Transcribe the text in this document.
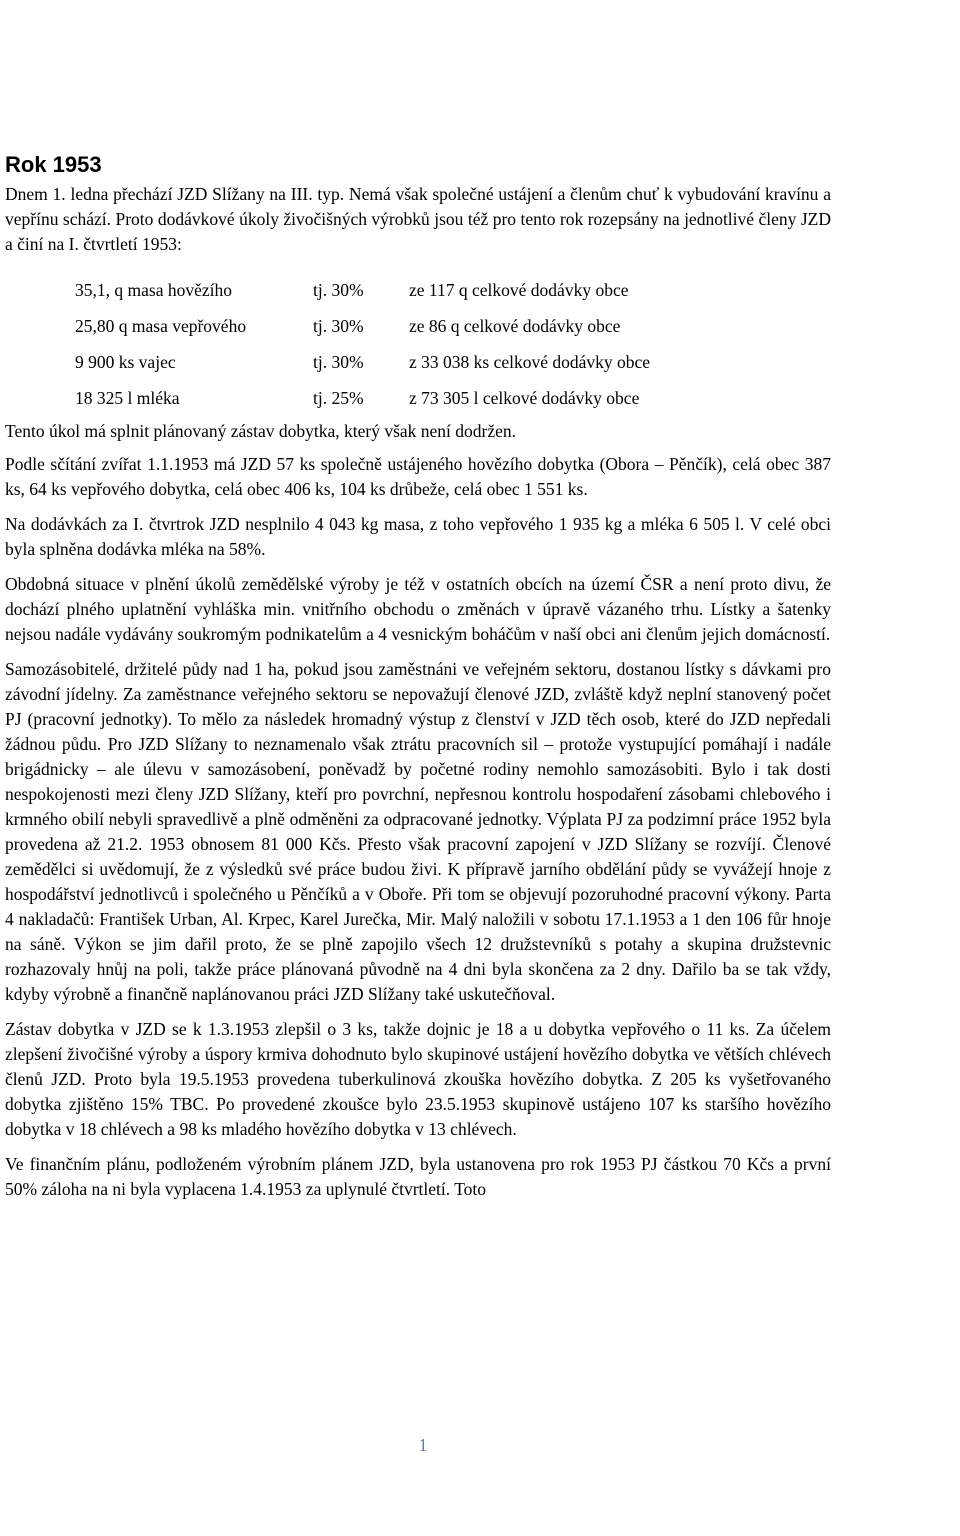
Rok 1953

Dnem 1. ledna přechází JZD Slížany na III. typ. Nemá však společné ustájení a členům chuť k vybudování kravínu a vepřínu schází. Proto dodávkové úkoly živočišných výrobků jsou též pro tento rok rozepsány na jednotlivé členy JZD a činí na I. čtvrtletí 1953:

35,1, q masa hovězího	tj. 30%	ze 117 q celkové dodávky obce
25,80 q masa vepřového	tj. 30%	ze 86 q celkové dodávky obce
9 900 ks vajec	tj. 30%	z 33 038 ks celkové dodávky obce
18 325 l mléka	tj. 25%	z 73 305 l celkové dodávky obce

Tento úkol má splnit plánovaný zástav dobytka, který však není dodržen.

Podle sčítání zvířat 1.1.1953 má JZD 57 ks společně ustájeného hovězího dobytka (Obora – Pěnčík), celá obec 387 ks, 64 ks vepřového dobytka, celá obec 406 ks, 104 ks drůbeže, celá obec 1 551 ks.

Na dodávkách za I. čtvrtrok JZD nesplnilo 4 043 kg masa, z toho vepřového 1 935 kg a mléka 6 505 l. V celé obci byla splněna dodávka mléka na 58%.

Obdobná situace v plnění úkolů zemědělské výroby je též v ostatních obcích na území ČSR a není proto divu, že dochází plného uplatnění vyhláška min. vnitřního obchodu o změnách v úpravě vázaného trhu. Lístky a šatenky nejsou nadále vydávány soukromým podnikatelům a 4 vesnickým boháčům v naší obci ani členům jejich domácností.

Samozásobitelé, držitelé půdy nad 1 ha, pokud jsou zaměstnáni ve veřejném sektoru, dostanou lístky s dávkami pro závodní jídelny. Za zaměstnance veřejného sektoru se nepovažují členové JZD, zvláště když neplní stanovený počet PJ (pracovní jednotky). To mělo za následek hromadný výstup z členství v JZD těch osob, které do JZD nepředali žádnou půdu. Pro JZD Slížany to neznamenalo však ztrátu pracovních sil – protože vystupující pomáhají i nadále brigádnicky – ale úlevu v samozásobení, poněvadž by početné rodiny nemohlo samozásobiti. Bylo i tak dosti nespokojenosti mezi členy JZD Slížany, kteří pro povrchní, nepřesnou kontrolu hospodaření zásobami chlebového i krmného obilí nebyli spravedlivě a plně odměněni za odpracované jednotky. Výplata PJ za podzimní práce 1952 byla provedena až 21.2. 1953 obnosem 81 000 Kčs. Přesto však pracovní zapojení v JZD Slížany se rozvíjí. Členové zemědělci si uvědomují, že z výsledků své práce budou živi. K přípravě jarního obdělání půdy se vyvážejí hnoje z hospodářství jednotlivců i společného u Pěnčíků a v Oboře. Při tom se objevují pozoruhodné pracovní výkony. Parta 4 nakladačů: František Urban, Al. Krpec, Karel Jurečka, Mir. Malý naložili v sobotu 17.1.1953 a 1 den 106 fůr hnoje na sáně. Výkon se jim dařil proto, že se plně zapojilo všech 12 družstevníků s potahy a skupina družstevnic rozhazovaly hnůj na poli, takže práce plánovaná původně na 4 dni byla skončena za 2 dny. Dařilo ba se tak vždy, kdyby výrobně a finančně naplánovanou práci JZD Slížany také uskutečňoval.

Zástav dobytka v JZD se k 1.3.1953 zlepšil o 3 ks, takže dojnic je 18 a u dobytka vepřového o 11 ks. Za účelem zlepšení živočišné výroby a úspory krmiva dohodnuto bylo skupinové ustájení hovězího dobytka ve větších chlévech členů JZD. Proto byla 19.5.1953 provedena tuberkulinová zkouška hovězího dobytka. Z 205 ks vyšetřovaného dobytka zjištěno 15% TBC. Po provedené zkoušce bylo 23.5.1953 skupinově ustájeno 107 ks staršího hovězího dobytka v 18 chlévech a 98 ks mladého hovězího dobytka v 13 chlévech.

Ve finančním plánu, podloženém výrobním plánem JZD, byla ustanovena pro rok 1953 PJ částkou 70 Kčs a první 50% záloha na ni byla vyplacena 1.4.1953 za uplynulé čtvrtletí. Toto

1
